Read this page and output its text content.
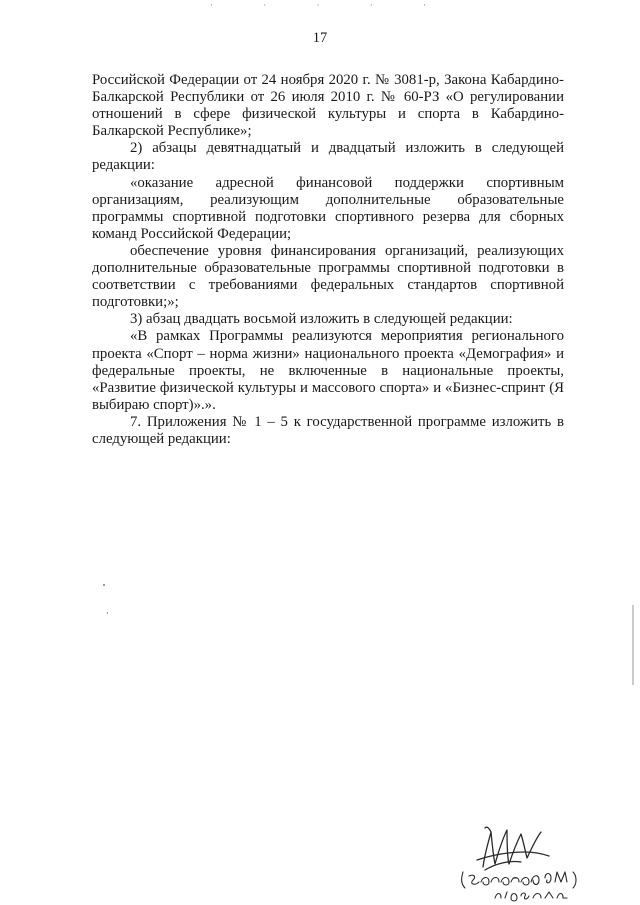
· · · · ·
17

Российской Федерации от 24 ноября 2020 г. № 3081-р, Закона Кабардино-Балкарской Республики от 26 июля 2010 г. № 60-РЗ «О регулировании отношений в сфере физической культуры и спорта в Кабардино-Балкарской Республике»;

2) абзацы девятнадцатый и двадцатый изложить в следующей редакции:

«оказание адресной финансовой поддержки спортивным организациям, реализующим дополнительные образовательные программы спортивной подготовки спортивного резерва для сборных команд Российской Федерации;

обеспечение уровня финансирования организаций, реализующих дополнительные образовательные программы спортивной подготовки в соответствии с требованиями федеральных стандартов спортивной подготовки;»;

3) абзац двадцать восьмой изложить в следующей редакции:

«В рамках Программы реализуются мероприятия регионального проекта «Спорт – норма жизни» национального проекта «Демография» и федеральные проекты, не включенные в национальные проекты, «Развитие физической культуры и массового спорта» и «Бизнес-спринт (Я выбираю спорт)».».

7. Приложения № 1 – 5 к государственной программе изложить в следующей редакции:
